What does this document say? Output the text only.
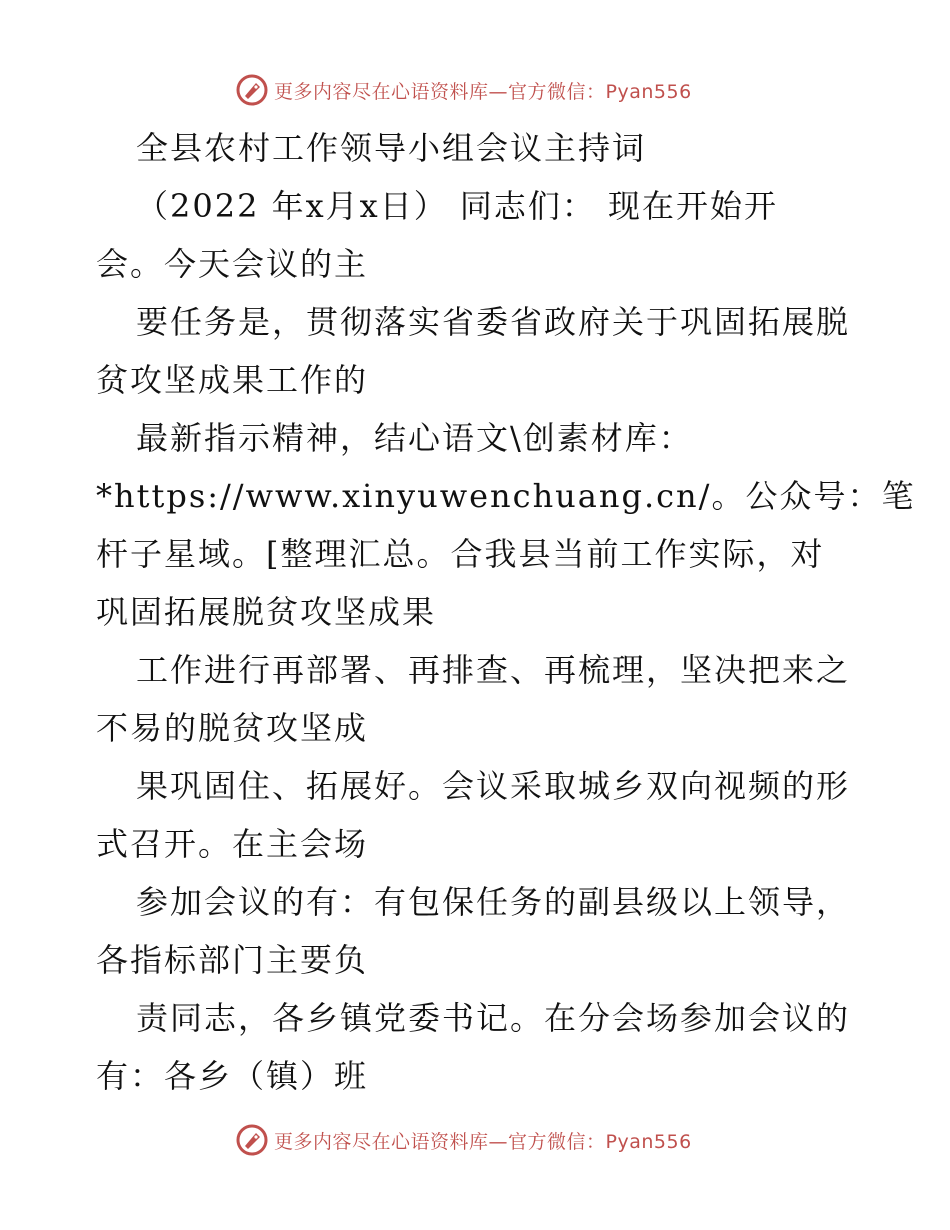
更多内容尽在心语资料库—官方微信：Pyan556
全县农村工作领导小组会议主持词
（2022 年x月x日） 同志们： 现在开始开
会。今天会议的主
要任务是，贯彻落实省委省政府关于巩固拓展脱
贫攻坚成果工作的
最新指示精神，结心语文\创素材库：
*https://www.xinyuwenchuang.cn/。公众号：笔
杆子星域。[整理汇总。合我县当前工作实际，对
巩固拓展脱贫攻坚成果
工作进行再部署、再排查、再梳理，坚决把来之
不易的脱贫攻坚成
果巩固住、拓展好。会议采取城乡双向视频的形
式召开。在主会场
参加会议的有：有包保任务的副县级以上领导，
各指标部门主要负
责同志，各乡镇党委书记。在分会场参加会议的
有：各乡（镇）班
更多内容尽在心语资料库—官方微信：Pyan556
